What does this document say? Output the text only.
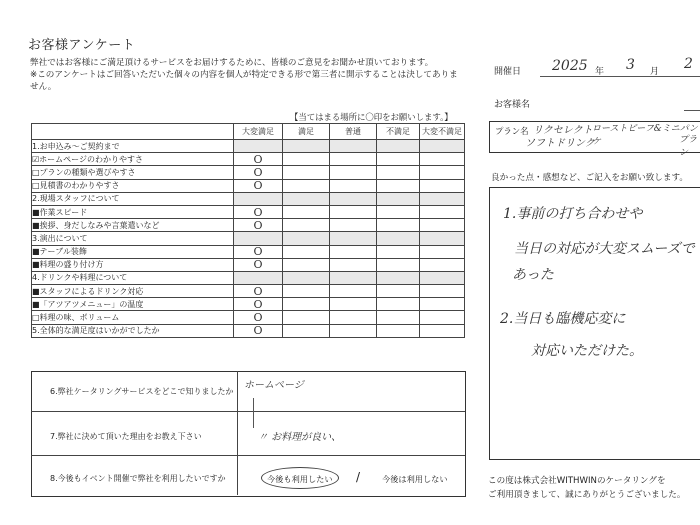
お客様アンケート
弊社ではお客様にご満足頂けるサービスをお届けするために、皆様のご意見をお聞かせ頂いております。
※このアンケートはご回答いただいた個々の内容を個人が特定できる形で第三者に開示することは決してありま
せん。
【当てはまる場所に〇印をお願いします。】
開催日 2025 年 3 月 2
お客様名
プラン名 リクセレクト
ソフトドリンク
ローストビーフ&ミニパンケ	プラン
良かった点・感想など、ご記入をお願い致します。
1.事前の打ち合わせや
当日の対応が大変スムーズで
あった
2.当日も臨機応変に
対応いただけた。
この度は株式会社WITHWINのケータリングを
ご利用頂きまして、誠にありがとうございました。
	大変満足	満足	普通	不満足	大変不満足
1.お申込み～ご契約まで					
☑ホームページのわかりやすさ	O				
□プランの種類や選びやすさ	O				
□見積書のわかりやすさ	O				
2.現場スタッフについて					
■作業スピード	O				
■挨拶、身だしなみや言葉遣いなど	O				
3.演出について					
■テーブル装飾	O				
■料理の盛り付け方	O				
4.ドリンクや料理について					
■スタッフによるドリンク対応	O				
■「アツアツメニュー」の温度	O				
□料理の味、ボリューム	O				
5.全体的な満足度はいかがでしたか	O				
6.弊社ケータリングサービスをどこで知りましたか
ホームページ
7.弊社に決めて頂いた理由をお教え下さい	〃 お料理が良い、
8.今後もイベント開催で弊社を利用したいですか	今後も利用したい /	今後は利用しない
